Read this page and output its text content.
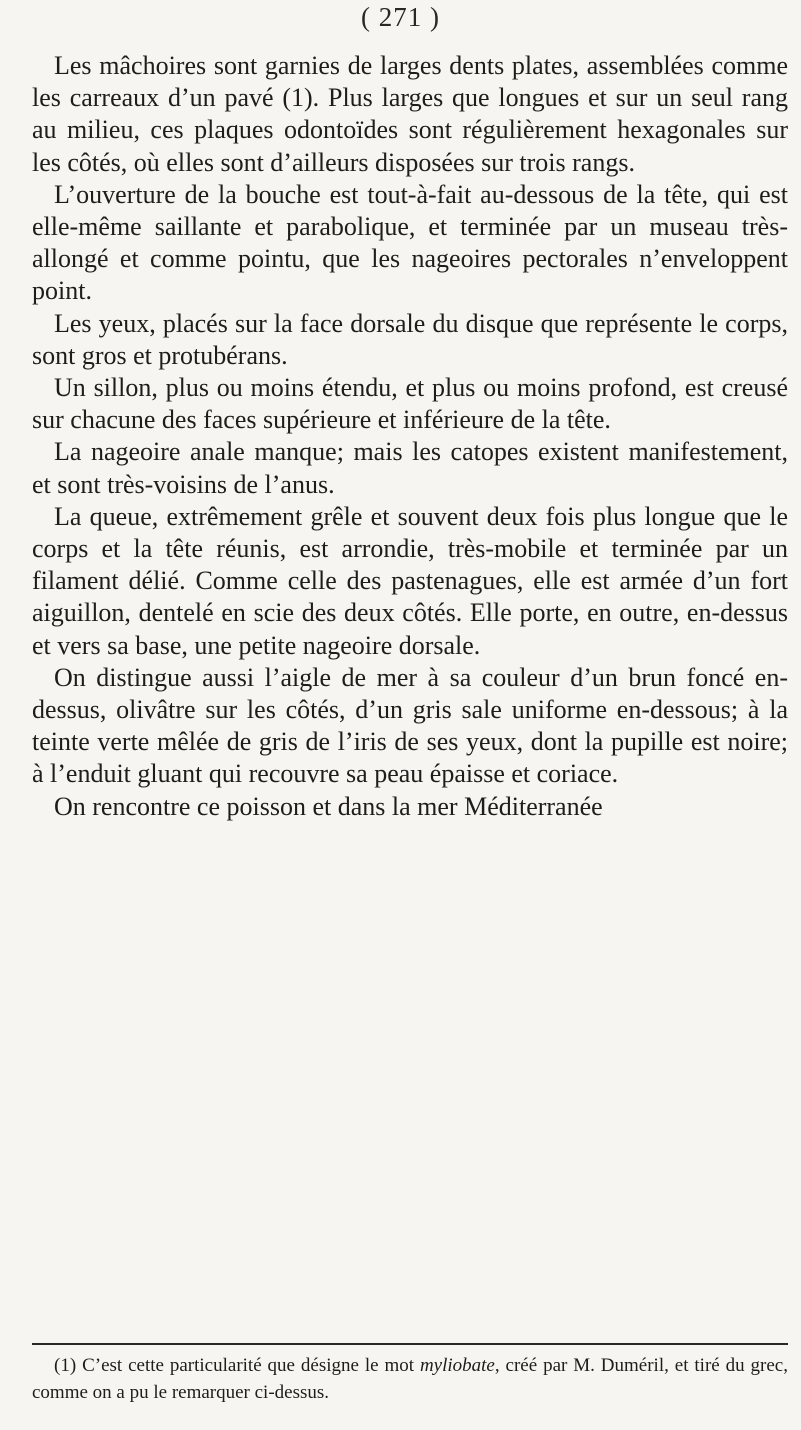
( 271 )

Les mâchoires sont garnies de larges dents plates, assemblées comme les carreaux d’un pavé (1). Plus larges que longues et sur un seul rang au milieu, ces plaques odontoïdes sont régulièrement hexagonales sur les côtés, où elles sont d’ailleurs disposées sur trois rangs.

L’ouverture de la bouche est tout-à-fait au-dessous de la tête, qui est elle-même saillante et parabolique, et terminée par un museau très-allongé et comme pointu, que les nageoires pectorales n’enveloppent point.

Les yeux, placés sur la face dorsale du disque que représente le corps, sont gros et protubérans.

Un sillon, plus ou moins étendu, et plus ou moins profond, est creusé sur chacune des faces supérieure et inférieure de la tête.

La nageoire anale manque; mais les catopes existent manifestement, et sont très-voisins de l’anus.

La queue, extrêmement grêle et souvent deux fois plus longue que le corps et la tête réunis, est arrondie, très-mobile et terminée par un filament délié. Comme celle des pastenagues, elle est armée d’un fort aiguillon, dentelé en scie des deux côtés. Elle porte, en outre, en-dessus et vers sa base, une petite nageoire dorsale.

On distingue aussi l’aigle de mer à sa couleur d’un brun foncé en-dessus, olivâtre sur les côtés, d’un gris sale uniforme en-dessous; à la teinte verte mêlée de gris de l’iris de ses yeux, dont la pupille est noire; à l’enduit gluant qui recouvre sa peau épaisse et coriace.

On rencontre ce poisson et dans la mer Méditerranée

(1) C’est cette particularité que désigne le mot myliobate, créé par M. Duméril, et tiré du grec, comme on a pu le remarquer ci-dessus.
